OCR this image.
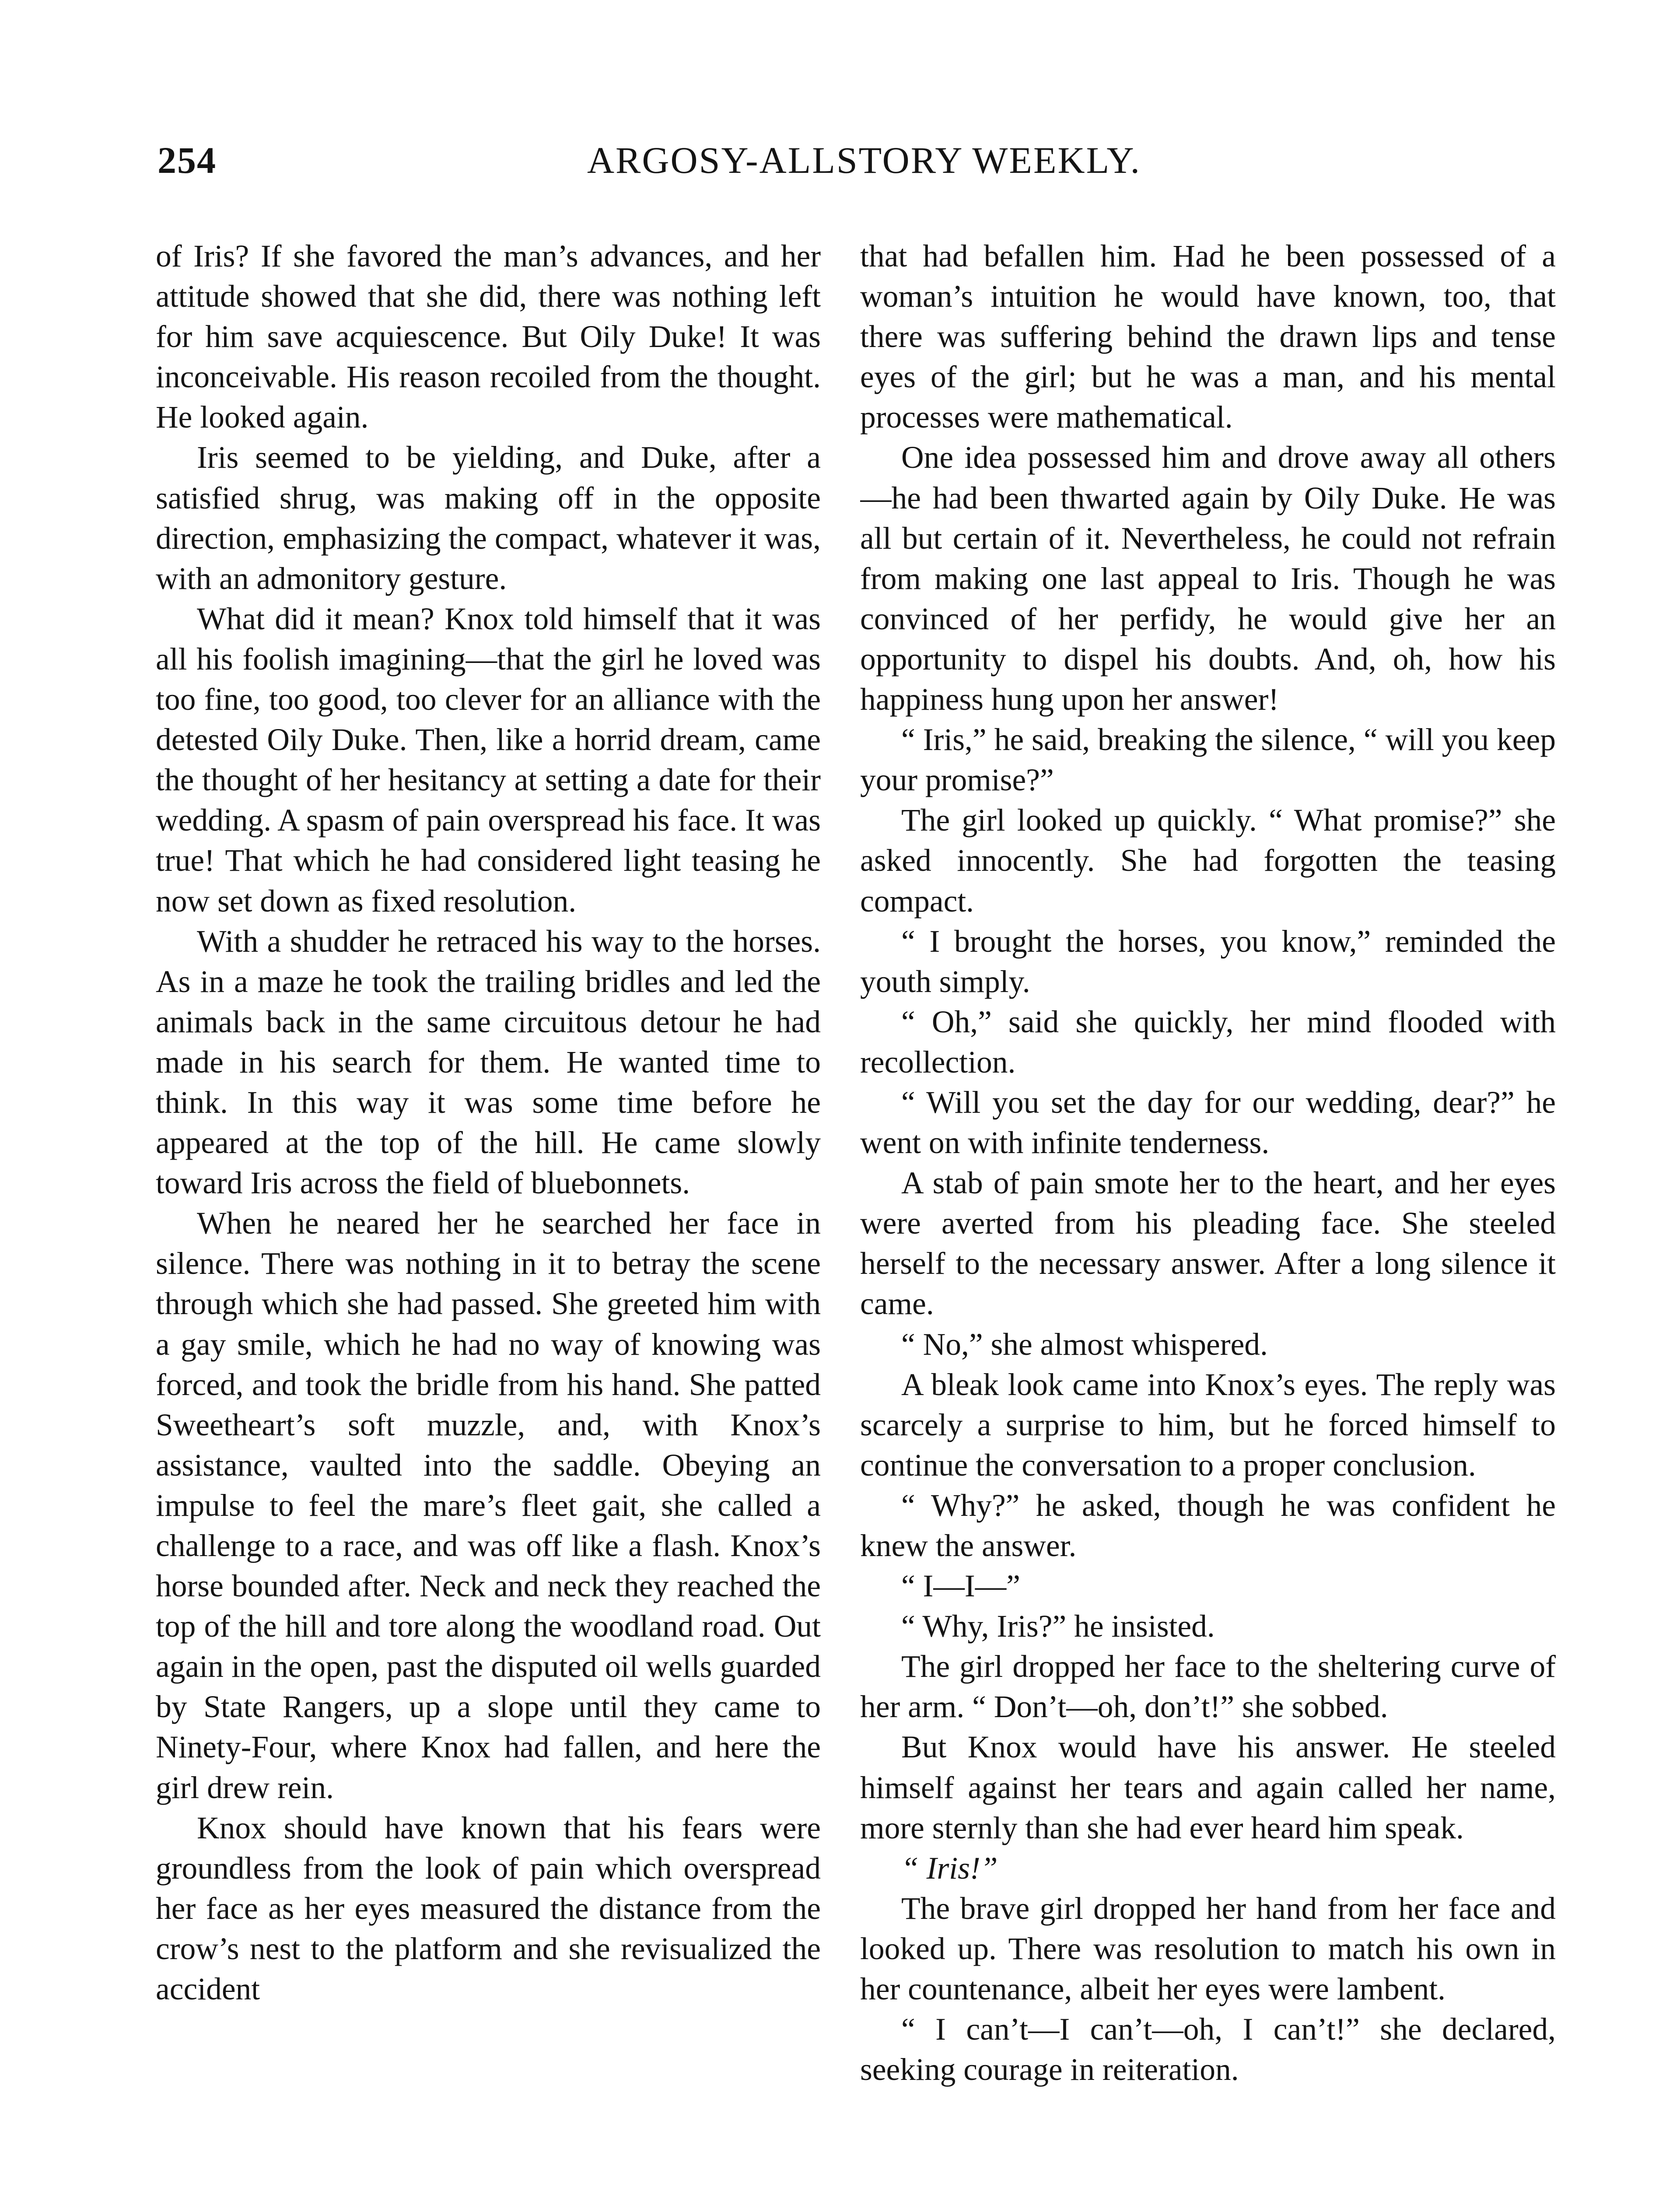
254	ARGOSY-ALLSTORY WEEKLY.

of Iris? If she favored the man’s advances, and her attitude showed that she did, there was nothing left for him save acquiescence. But Oily Duke! It was inconceivable. His reason recoiled from the thought. He looked again.

Iris seemed to be yielding, and Duke, after a satisfied shrug, was making off in the opposite direction, emphasizing the compact, whatever it was, with an admonitory gesture.

What did it mean? Knox told himself that it was all his foolish imagining—that the girl he loved was too fine, too good, too clever for an alliance with the detested Oily Duke. Then, like a horrid dream, came the thought of her hesitancy at setting a date for their wedding. A spasm of pain overspread his face. It was true! That which he had considered light teasing he now set down as fixed resolution.

With a shudder he retraced his way to the horses. As in a maze he took the trailing bridles and led the animals back in the same circuitous detour he had made in his search for them. He wanted time to think. In this way it was some time before he appeared at the top of the hill. He came slowly toward Iris across the field of bluebonnets.

When he neared her he searched her face in silence. There was nothing in it to betray the scene through which she had passed. She greeted him with a gay smile, which he had no way of knowing was forced, and took the bridle from his hand. She patted Sweetheart’s soft muzzle, and, with Knox’s assistance, vaulted into the saddle. Obeying an impulse to feel the mare’s fleet gait, she called a challenge to a race, and was off like a flash. Knox’s horse bounded after. Neck and neck they reached the top of the hill and tore along the woodland road. Out again in the open, past the disputed oil wells guarded by State Rangers, up a slope until they came to Ninety-Four, where Knox had fallen, and here the girl drew rein.

Knox should have known that his fears were groundless from the look of pain which overspread her face as her eyes measured the distance from the crow’s nest to the platform and she revisualized the accident

that had befallen him. Had he been possessed of a woman’s intuition he would have known, too, that there was suffering behind the drawn lips and tense eyes of the girl; but he was a man, and his mental processes were mathematical.

One idea possessed him and drove away all others—he had been thwarted again by Oily Duke. He was all but certain of it. Nevertheless, he could not refrain from making one last appeal to Iris. Though he was convinced of her perfidy, he would give her an opportunity to dispel his doubts. And, oh, how his happiness hung upon her answer!

“ Iris,” he said, breaking the silence, “ will you keep your promise?”

The girl looked up quickly. “ What promise?” she asked innocently. She had forgotten the teasing compact.

“ I brought the horses, you know,” reminded the youth simply.

“ Oh,” said she quickly, her mind flooded with recollection.

“ Will you set the day for our wedding, dear?” he went on with infinite tenderness.

A stab of pain smote her to the heart, and her eyes were averted from his pleading face. She steeled herself to the necessary answer. After a long silence it came.

“ No,” she almost whispered.

A bleak look came into Knox’s eyes. The reply was scarcely a surprise to him, but he forced himself to continue the conversation to a proper conclusion.

“ Why?” he asked, though he was confident he knew the answer.

“ I—I—”

“ Why, Iris?” he insisted.

The girl dropped her face to the sheltering curve of her arm. “ Don’t—oh, don’t!” she sobbed.

But Knox would have his answer. He steeled himself against her tears and again called her name, more sternly than she had ever heard him speak.

“ Iris!”

The brave girl dropped her hand from her face and looked up. There was resolution to match his own in her countenance, albeit her eyes were lambent.

“ I can’t—I can’t—oh, I can’t!” she declared, seeking courage in reiteration.
